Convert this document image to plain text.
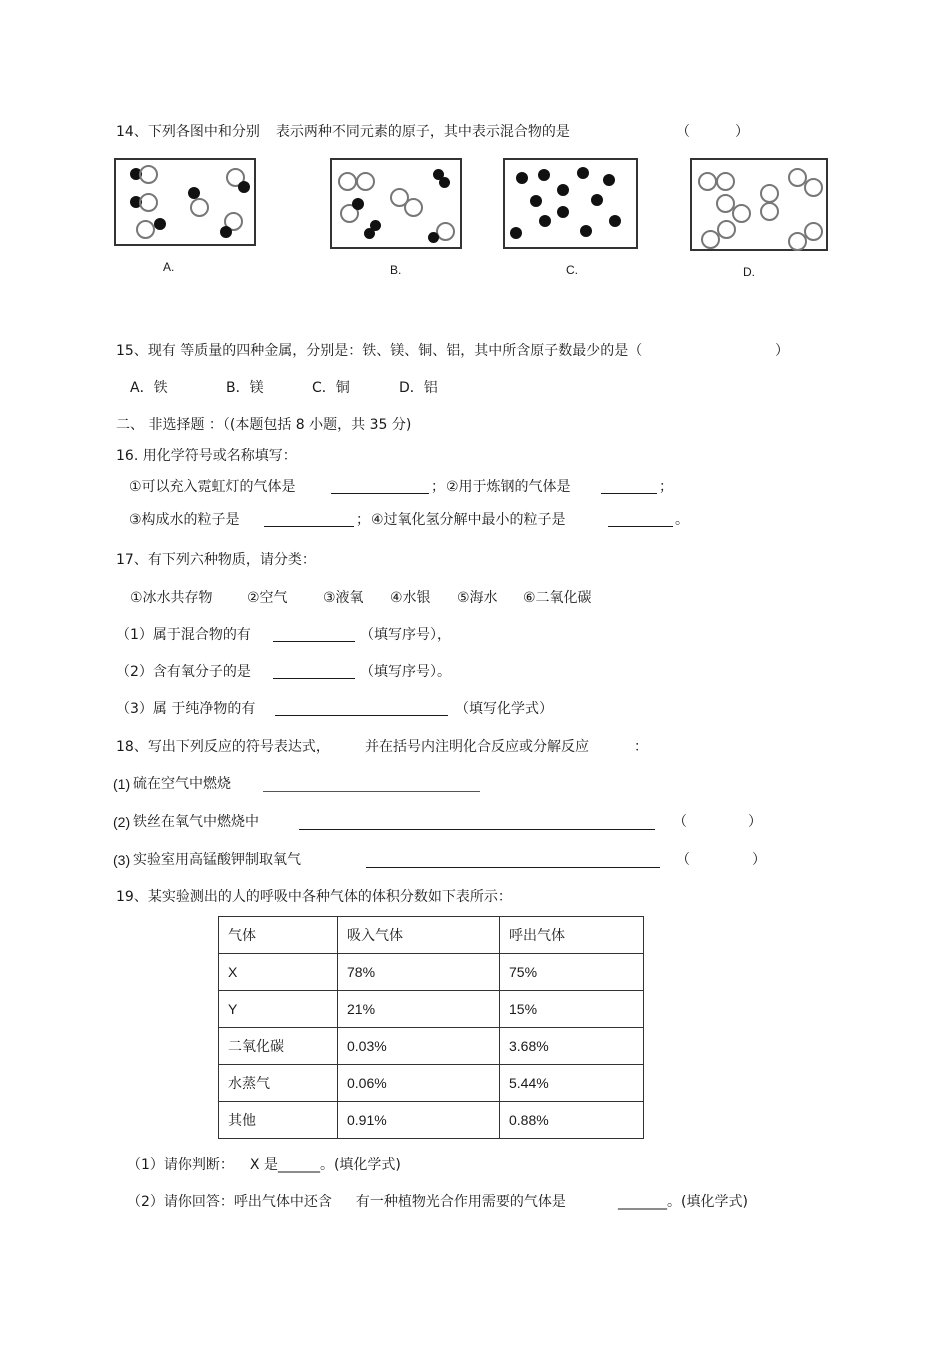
14、下列各图中和分别 表示两种不同元素的原子，其中表示混合物的是	（	）
A.	B.	C.	D.
15、现有 等质量的四种金属，分别是：铁、镁、铜、铝，其中所含原子数最少的是（	）
A．铁	B．镁	C．铜	D．铝
二、 非选择题 ：（(本题包括 8 小题，共 35 分)
16. 用化学符号或名称填写：
①可以充入霓虹灯的气体是	； ②用于炼钢的气体是	；
③构成水的粒子是	； ④过氧化氢分解中最小的粒子是	。
17、有下列六种物质，请分类：
①冰水共存物 ②空气	③液氧 ④水银 ⑤海水 ⑥二氧化碳
（1）属于混合物的有	（填写序号），
（2）含有氧分子的是	（填写序号）。
（3）属 于纯净物的有	（填写化学式）
18、写出下列反应的符号表达式，	并在括号内注明化合反应或分解反应	：
(1) 硫在空气中燃烧
(2) 铁丝在氧气中燃烧中	（	）
(3) 实验室用高锰酸钾制取氧气	（	）
19、某实验测出的人的呼吸中各种气体的体积分数如下表所示：
气体	吸入气体	呼出气体
X	78%	75%
Y	21%	15%
二氧化碳	0.03%	3.68%
水蒸气	0.06%	5.44%
其他	0.91%	0.88%
（1）请你判断： X 是______。(填化学式)
（2）请你回答：呼出气体中还含 有一种植物光合作用需要的气体是	_______。(填化学式)
